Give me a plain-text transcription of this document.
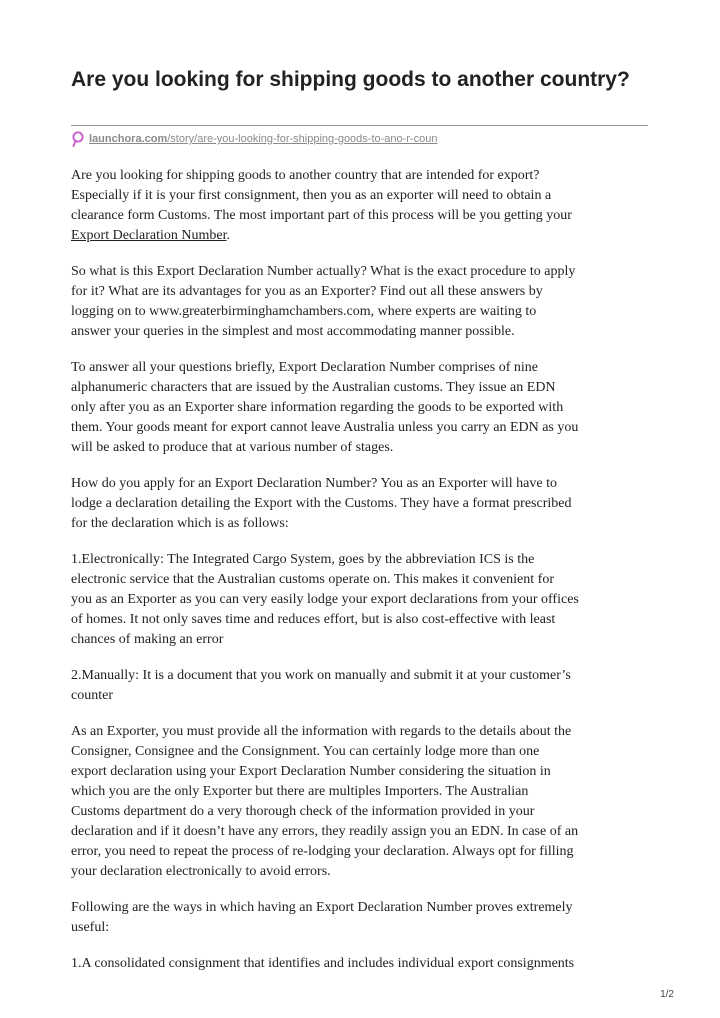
Are you looking for shipping goods to another country?
launchora.com /story/are-you-looking-for-shipping-goods-to-ano-r-coun

Are you looking for shipping goods to another country that are intended for export?
Especially if it is your first consignment, then you as an exporter will need to obtain a
clearance form Customs. The most important part of this process will be you getting your
Export Declaration Number.

So what is this Export Declaration Number actually? What is the exact procedure to apply
for it? What are its advantages for you as an Exporter? Find out all these answers by
logging on to www.greaterbirminghamchambers.com, where experts are waiting to
answer your queries in the simplest and most accommodating manner possible.

To answer all your questions briefly, Export Declaration Number comprises of nine
alphanumeric characters that are issued by the Australian customs. They issue an EDN
only after you as an Exporter share information regarding the goods to be exported with
them. Your goods meant for export cannot leave Australia unless you carry an EDN as you
will be asked to produce that at various number of stages.

How do you apply for an Export Declaration Number? You as an Exporter will have to
lodge a declaration detailing the Export with the Customs. They have a format prescribed
for the declaration which is as follows:

1.Electronically: The Integrated Cargo System, goes by the abbreviation ICS is the
electronic service that the Australian customs operate on. This makes it convenient for
you as an Exporter as you can very easily lodge your export declarations from your offices
of homes. It not only saves time and reduces effort, but is also cost-effective with least
chances of making an error

2.Manually: It is a document that you work on manually and submit it at your customer’s
counter

As an Exporter, you must provide all the information with regards to the details about the
Consigner, Consignee and the Consignment. You can certainly lodge more than one
export declaration using your Export Declaration Number considering the situation in
which you are the only Exporter but there are multiples Importers. The Australian
Customs department do a very thorough check of the information provided in your
declaration and if it doesn’t have any errors, they readily assign you an EDN. In case of an
error, you need to repeat the process of re-lodging your declaration. Always opt for filling
your declaration electronically to avoid errors.

Following are the ways in which having an Export Declaration Number proves extremely
useful:

1.A consolidated consignment that identifies and includes individual export consignments

1/2
